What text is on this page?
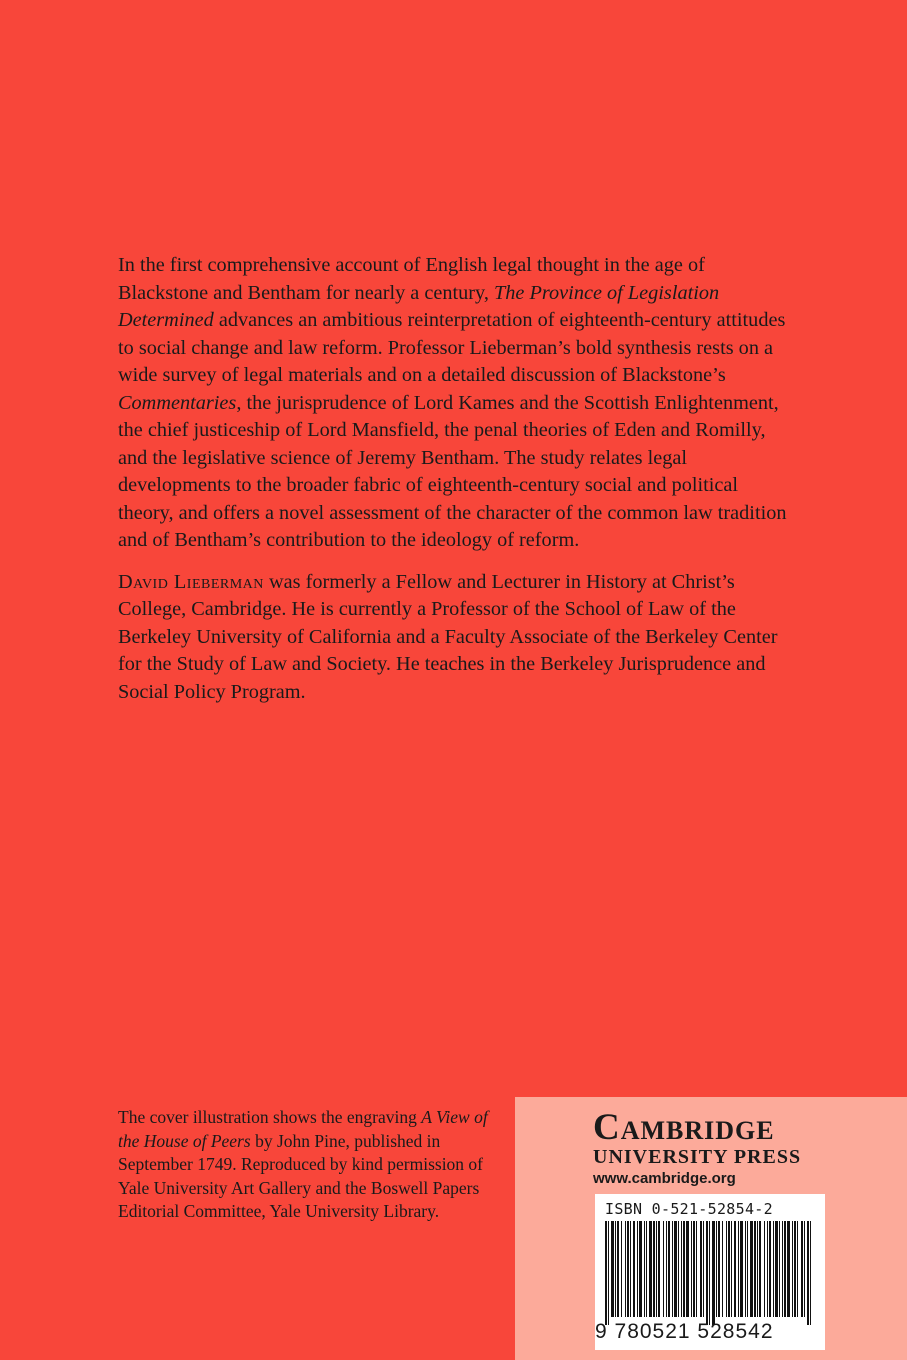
In the first comprehensive account of English legal thought in the age of Blackstone and Bentham for nearly a century, The Province of Legislation Determined advances an ambitious reinterpretation of eighteenth-century attitudes to social change and law reform. Professor Lieberman’s bold synthesis rests on a wide survey of legal materials and on a detailed discussion of Blackstone’s Commentaries, the jurisprudence of Lord Kames and the Scottish Enlightenment, the chief justiceship of Lord Mansfield, the penal theories of Eden and Romilly, and the legislative science of Jeremy Bentham. The study relates legal developments to the broader fabric of eighteenth-century social and political theory, and offers a novel assessment of the character of the common law tradition and of Bentham’s contribution to the ideology of reform.

David Lieberman was formerly a Fellow and Lecturer in History at Christ’s College, Cambridge. He is currently a Professor of the School of Law of the Berkeley University of California and a Faculty Associate of the Berkeley Center for the Study of Law and Society. He teaches in the Berkeley Jurisprudence and Social Policy Program.

The cover illustration shows the engraving A View of the House of Peers by John Pine, published in September 1749. Reproduced by kind permission of Yale University Art Gallery and the Boswell Papers Editorial Committee, Yale University Library.

Cambridge
UNIVERSITY PRESS
www.cambridge.org
ISBN 0-521-52854-2
9 780521 528542
